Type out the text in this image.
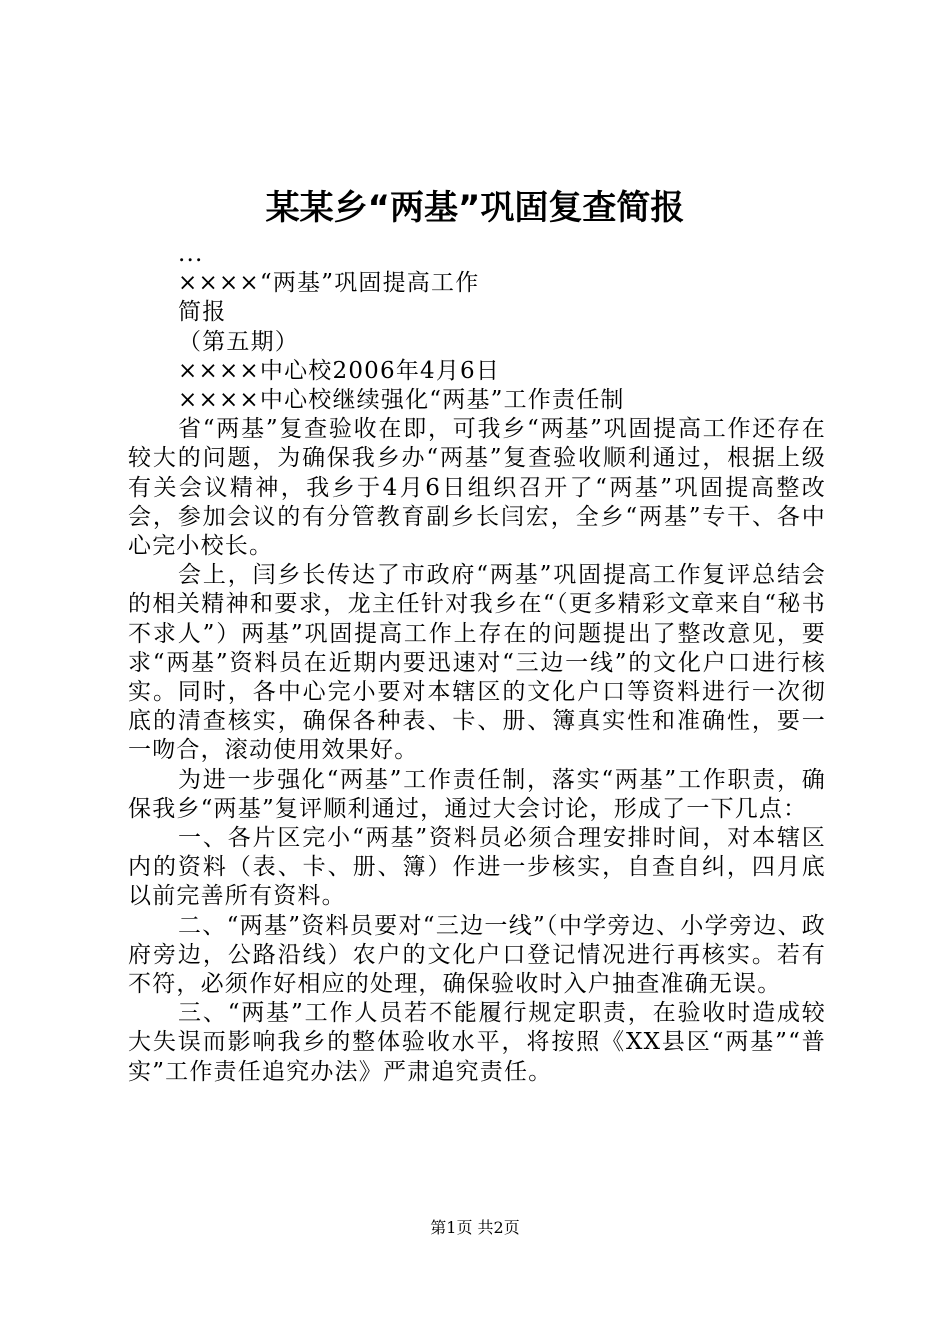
某某乡“两基”巩固复查简报

...

××××“两基”巩固提高工作

简报

（第五期）

××××中心校2006年4月6日

××××中心校继续强化“两基”工作责任制

省“两基”复查验收在即，可我乡“两基”巩固提高工作还存在较大的问题，为确保我乡办“两基”复查验收顺利通过，根据上级有关会议精神，我乡于4月6日组织召开了“两基”巩固提高整改会，参加会议的有分管教育副乡长闫宏，全乡“两基”专干、各中心完小校长。

会上，闫乡长传达了市政府“两基”巩固提高工作复评总结会的相关精神和要求，龙主任针对我乡在“（更多精彩文章来自“秘书不求人”）两基”巩固提高工作上存在的问题提出了整改意见，要求“两基”资料员在近期内要迅速对“三边一线”的文化户口进行核实。同时，各中心完小要对本辖区的文化户口等资料进行一次彻底的清查核实，确保各种表、卡、册、簿真实性和准确性，要一一吻合，滚动使用效果好。

为进一步强化“两基”工作责任制，落实“两基”工作职责，确保我乡“两基”复评顺利通过，通过大会讨论，形成了一下几点：

一、各片区完小“两基”资料员必须合理安排时间，对本辖区内的资料（表、卡、册、簿）作进一步核实，自查自纠，四月底以前完善所有资料。

二、“两基”资料员要对“三边一线”（中学旁边、小学旁边、政府旁边，公路沿线）农户的文化户口登记情况进行再核实。若有不符，必须作好相应的处理，确保验收时入户抽查准确无误。

三、“两基”工作人员若不能履行规定职责，在验收时造成较大失误而影响我乡的整体验收水平，将按照《XX县区“两基”“普实”工作责任追究办法》严肃追究责任。

第1页 共2页
